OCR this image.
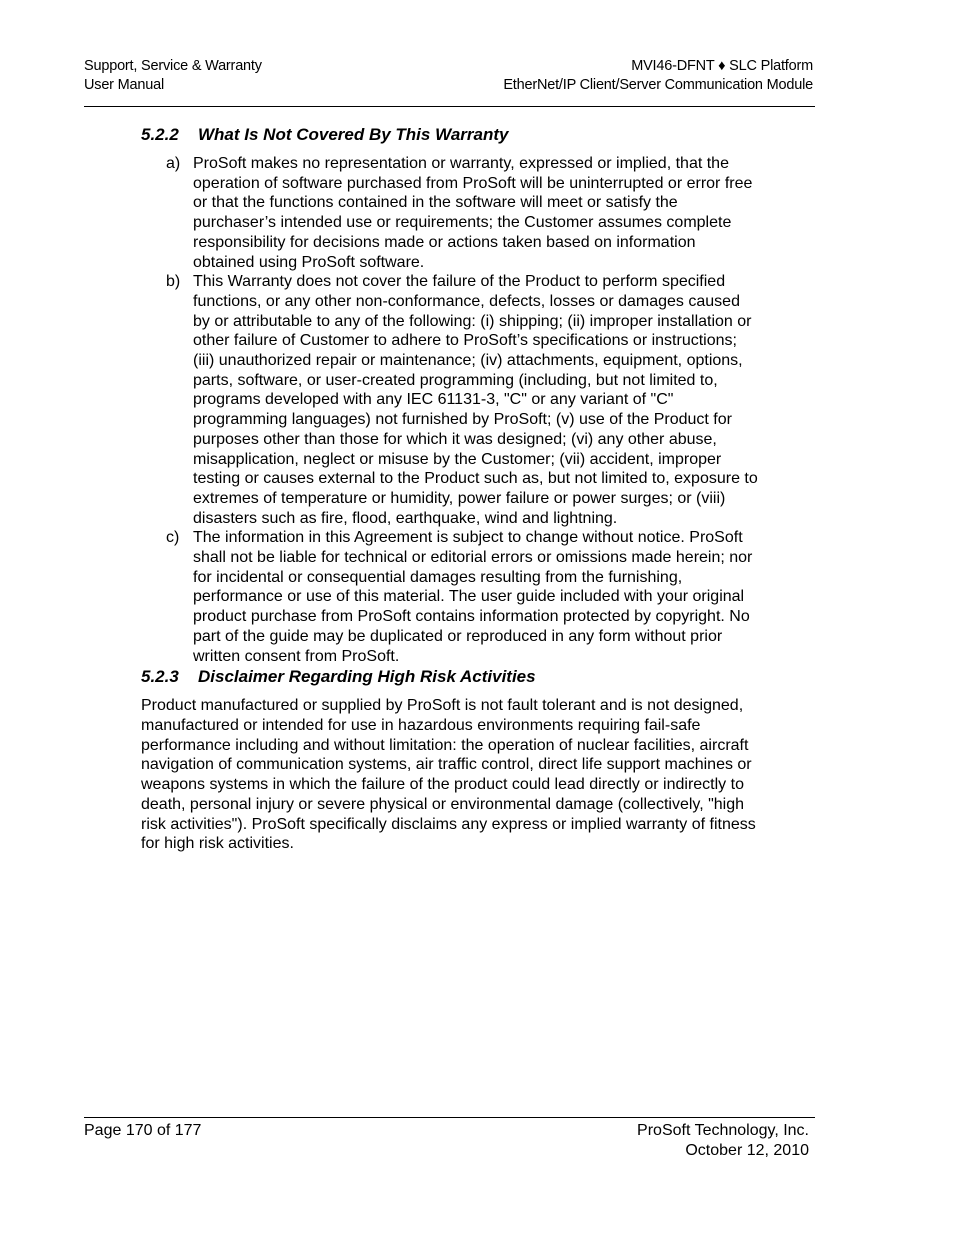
Support, Service & Warranty
User Manual
MVI46-DFNT ♦ SLC Platform
EtherNet/IP Client/Server Communication Module
5.2.2 What Is Not Covered By This Warranty
a) ProSoft makes no representation or warranty, expressed or implied, that the operation of software purchased from ProSoft will be uninterrupted or error free or that the functions contained in the software will meet or satisfy the purchaser’s intended use or requirements; the Customer assumes complete responsibility for decisions made or actions taken based on information obtained using ProSoft software.
b) This Warranty does not cover the failure of the Product to perform specified functions, or any other non-conformance, defects, losses or damages caused by or attributable to any of the following: (i) shipping; (ii) improper installation or other failure of Customer to adhere to ProSoft’s specifications or instructions; (iii) unauthorized repair or maintenance; (iv) attachments, equipment, options, parts, software, or user-created programming (including, but not limited to, programs developed with any IEC 61131-3, "C" or any variant of "C" programming languages) not furnished by ProSoft; (v) use of the Product for purposes other than those for which it was designed; (vi) any other abuse, misapplication, neglect or misuse by the Customer; (vii) accident, improper testing or causes external to the Product such as, but not limited to, exposure to extremes of temperature or humidity, power failure or power surges; or (viii) disasters such as fire, flood, earthquake, wind and lightning.
c) The information in this Agreement is subject to change without notice. ProSoft shall not be liable for technical or editorial errors or omissions made herein; nor for incidental or consequential damages resulting from the furnishing, performance or use of this material. The user guide included with your original product purchase from ProSoft contains information protected by copyright. No part of the guide may be duplicated or reproduced in any form without prior written consent from ProSoft.
5.2.3 Disclaimer Regarding High Risk Activities

Product manufactured or supplied by ProSoft is not fault tolerant and is not designed, manufactured or intended for use in hazardous environments requiring fail-safe performance including and without limitation: the operation of nuclear facilities, aircraft navigation of communication systems, air traffic control, direct life support machines or weapons systems in which the failure of the product could lead directly or indirectly to death, personal injury or severe physical or environmental damage (collectively, "high risk activities"). ProSoft specifically disclaims any express or implied warranty of fitness for high risk activities.

Page 170 of 177	ProSoft Technology, Inc.
October 12, 2010
